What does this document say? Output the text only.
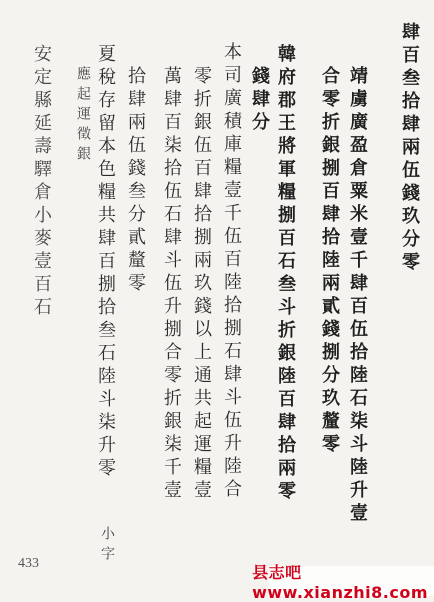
肆百叁拾肆兩伍錢玖分零
靖虜廣盈倉粟米壹千肆百伍拾陸石柒斗陸升壹
合零折銀捌百肆拾陸兩貳錢捌分玖釐零
韓府郡王將軍糧捌百石叁斗折銀陸百肆拾兩零
錢肆分
本司廣積庫糧壹千伍百陸拾捌石肆斗伍升陸合
零折銀伍百肆拾捌兩玖錢以上通共起運糧壹
萬肆百柒拾伍石肆斗伍升捌合零折銀柒千壹
拾肆兩伍錢叁分貳釐零
夏稅存留本色糧共肆百捌拾叁石陸斗柒升零
小字
應起運徵銀
安定縣延壽驛倉小麥壹百石
433	县志吧 www.xianzhi8.com
